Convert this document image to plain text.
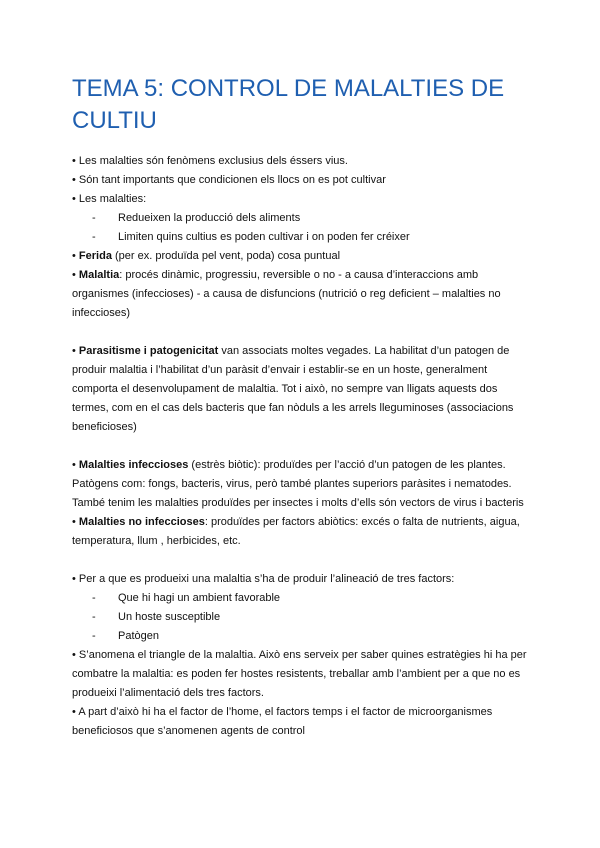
TEMA 5: CONTROL DE MALALTIES DE CULTIU

• Les malalties són fenòmens exclusius dels éssers vius.

• Són tant importants que condicionen els llocs on es pot cultivar

• Les malalties:

- Redueixen la producció dels aliments

- Limiten quins cultius es poden cultivar i on poden fer créixer

• Ferida (per ex. produïda pel vent, poda) cosa puntual

• Malaltia: procés dinàmic, progressiu, reversible o no - a causa d’interaccions amb organismes (infeccioses) - a causa de disfuncions (nutrició o reg deficient – malalties no infeccioses)

• Parasitisme i patogenicitat van associats moltes vegades. La habilitat d’un patogen de produir malaltia i l’habilitat d’un paràsit d’envair i establir-se en un hoste, generalment comporta el desenvolupament de malaltia. Tot i això, no sempre van lligats aquests dos termes, com en el cas dels bacteris que fan nòduls a les arrels lleguminoses (associacions beneficioses)

• Malalties infeccioses (estrès biòtic): produïdes per l’acció d’un patogen de les plantes. Patògens com: fongs, bacteris, virus, però també plantes superiors paràsites i nematodes. També tenim les malalties produïdes per insectes i molts d’ells són vectors de virus i bacteris

• Malalties no infeccioses: produïdes per factors abiòtics: excés o falta de nutrients, aigua, temperatura, llum , herbicides, etc.

• Per a que es produeixi una malaltia s’ha de produir l’alineació de tres factors:

- Que hi hagi un ambient favorable

- Un hoste susceptible

- Patògen

• S’anomena el triangle de la malaltia. Això ens serveix per saber quines estratègies hi ha per combatre la malaltia: es poden fer hostes resistents, treballar amb l’ambient per a que no es produeixi l’alimentació dels tres factors.

• A part d’això hi ha el factor de l’home, el factors temps i el factor de microorganismes beneficiosos que s’anomenen agents de control
